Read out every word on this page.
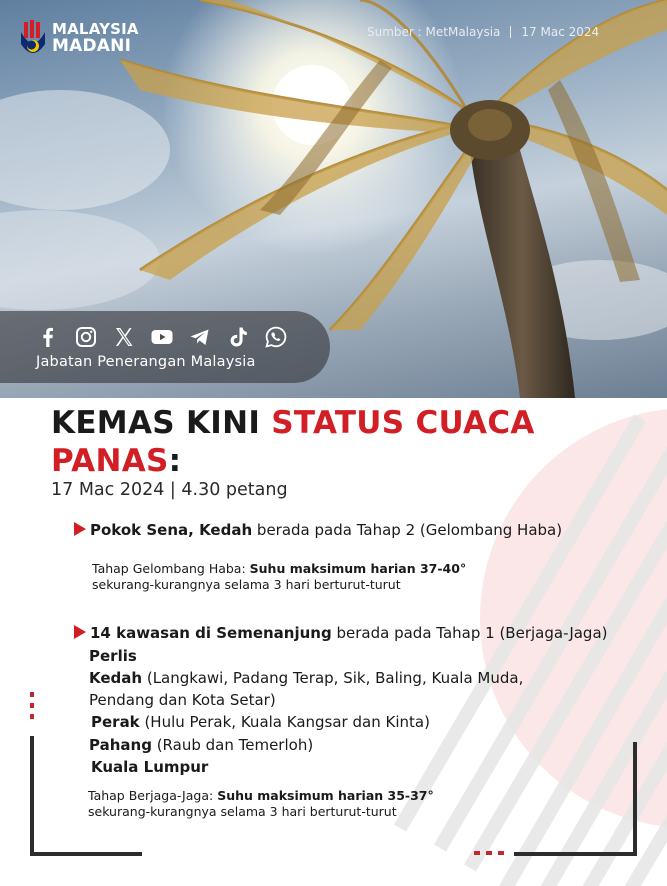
MALAYSIA
MADANI
Sumber : MetMalaysia 17 Mac 2024
Jabatan Penerangan Malaysia
KEMAS KINI STATUS CUACA PANAS:
17 Mac 2024 | 4.30 petang
Pokok Sena, Kedah berada pada Tahap 2 (Gelombang Haba)
Tahap Gelombang Haba: Suhu maksimum harian 37-40°
sekurang-kurangnya selama 3 hari berturut-turut
14 kawasan di Semenanjung berada pada Tahap 1 (Berjaga-Jaga)
Perlis
Kedah (Langkawi, Padang Terap, Sik, Baling, Kuala Muda,
Pendang dan Kota Setar)
Perak (Hulu Perak, Kuala Kangsar dan Kinta)
Pahang (Raub dan Temerloh)
Kuala Lumpur
Tahap Berjaga-Jaga: Suhu maksimum harian 35-37°
sekurang-kurangnya selama 3 hari berturut-turut
